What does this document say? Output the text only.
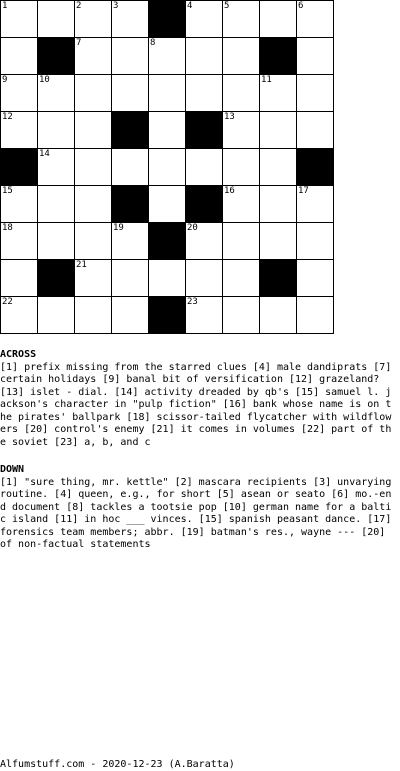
1	2	3	4	5	6
7	8
9	10	11
12	13
14
15	16	17
18	19	20
21
22	23
ACROSS
[1] prefix missing from the starred clues [4] male dandiprats [7] certain holidays [9] banal bit of versification [12] grazeland? [13] islet - dial. [14] activity dreaded by qb's [15] samuel l. jackson's character in "pulp fiction" [16] bank whose name is on the pirates' ballpark [18] scissor-tailed flycatcher with wildflowers [20] control's enemy [21] it comes in volumes [22] part of the soviet [23] a, b, and c
DOWN
[1] "sure thing, mr. kettle" [2] mascara recipients [3] unvarying routine. [4] queen, e.g., for short [5] asean or seato [6] mo.-end document [8] tackles a tootsie pop [10] german name for a baltic island [11] in hoc ___ vinces. [15] spanish peasant dance. [17] forensics team members; abbr. [19] batman's res., wayne --- [20] of non-factual statements
Alfumstuff.com - 2020-12-23 (A.Baratta)
